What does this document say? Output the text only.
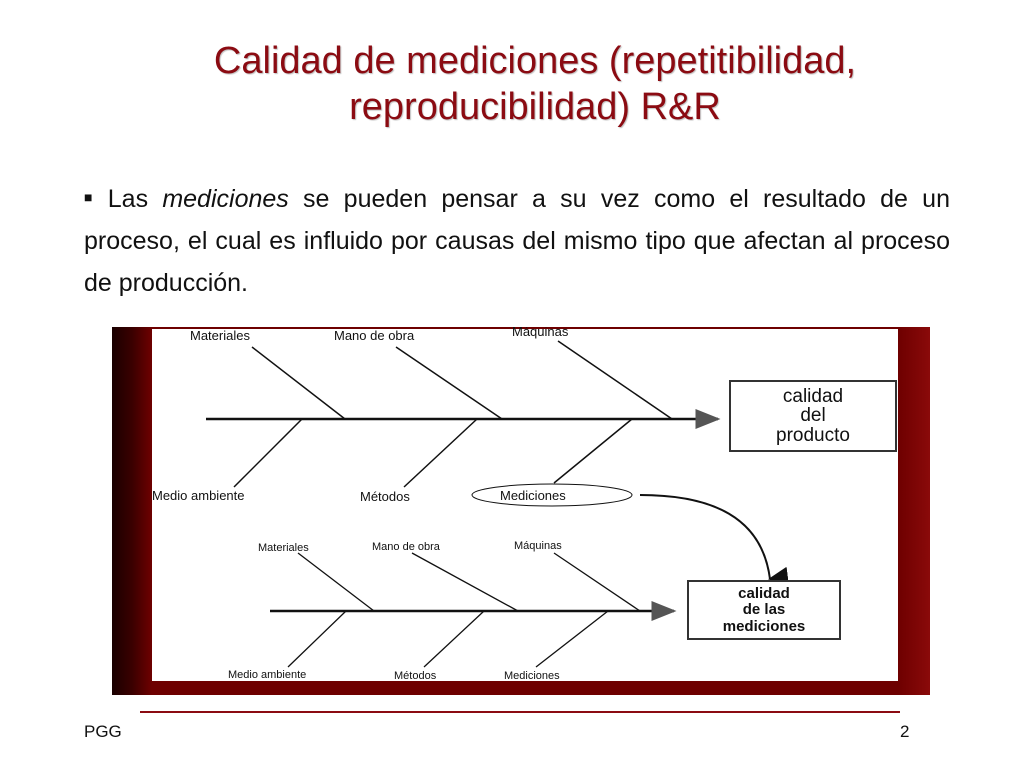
Calidad de mediciones (repetitibilidad,
reproducibilidad) R&R
■ Las mediciones se pueden pensar a su vez como el resultado de un proceso, el cual es influido por causas del mismo tipo que afectan al proceso de producción.
Materiales	Mano de obra	Máquinas
Medio ambiente	Métodos	Mediciones
calidad
del
producto
Materiales	Mano de obra	Máquinas
Medio ambiente	Métodos	Mediciones
calidad
de las
mediciones
PGG	2
